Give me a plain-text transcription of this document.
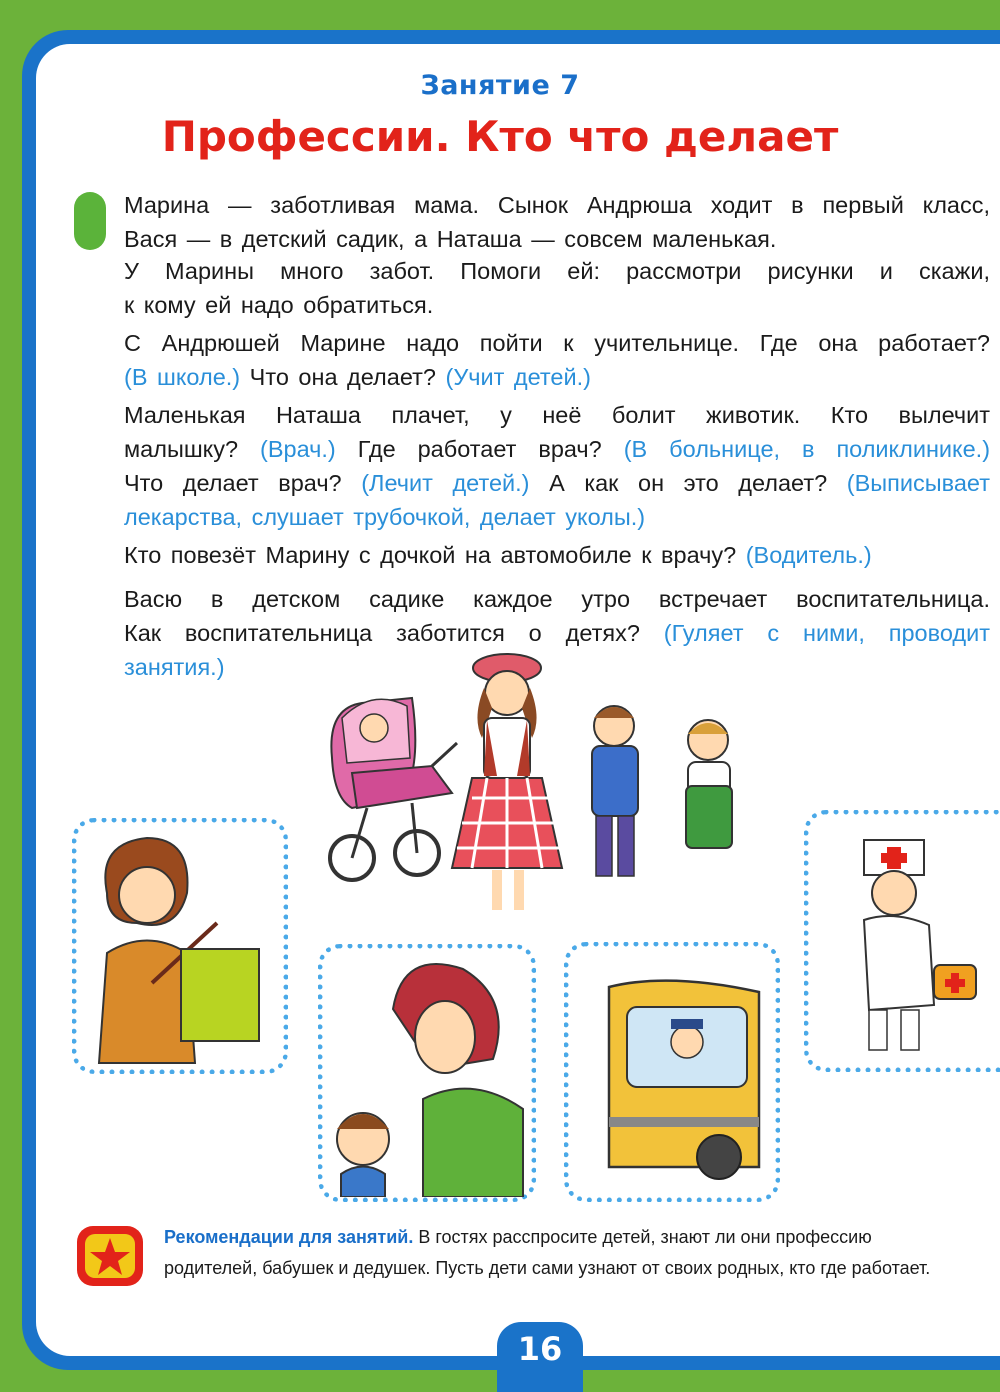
Занятие 7
Профессии. Кто что делает

Марина — заботливая мама. Сынок Андрюша ходит в первый класс,
Вася — в детский садик, а Наташа — совсем маленькая.

У Марины много забот. Помоги ей: рассмотри рисунки и скажи,
к кому ей надо обратиться.

С Андрюшей Марине надо пойти к учительнице. Где она работает?
(В школе.) Что она делает? (Учит детей.)

Маленькая Наташа плачет, у неё болит животик. Кто вылечит
малышку? (Врач.) Где работает врач? (В больнице, в поликлинике.)
Что делает врач? (Лечит детей.) А как он это делает? (Выписывает
лекарства, слушает трубочкой, делает уколы.)

Кто повезёт Марину с дочкой на автомобиле к врачу? (Водитель.)

Васю в детском садике каждое утро встречает воспитательница.
Как воспитательница заботится о детях? (Гуляет с ними, проводит
занятия.)

Рекомендации для занятий. В гостях расспросите детей, знают ли они профессию родителей, бабушек и дедушек. Пусть дети сами узнают от своих родных, кто где работает.

16
